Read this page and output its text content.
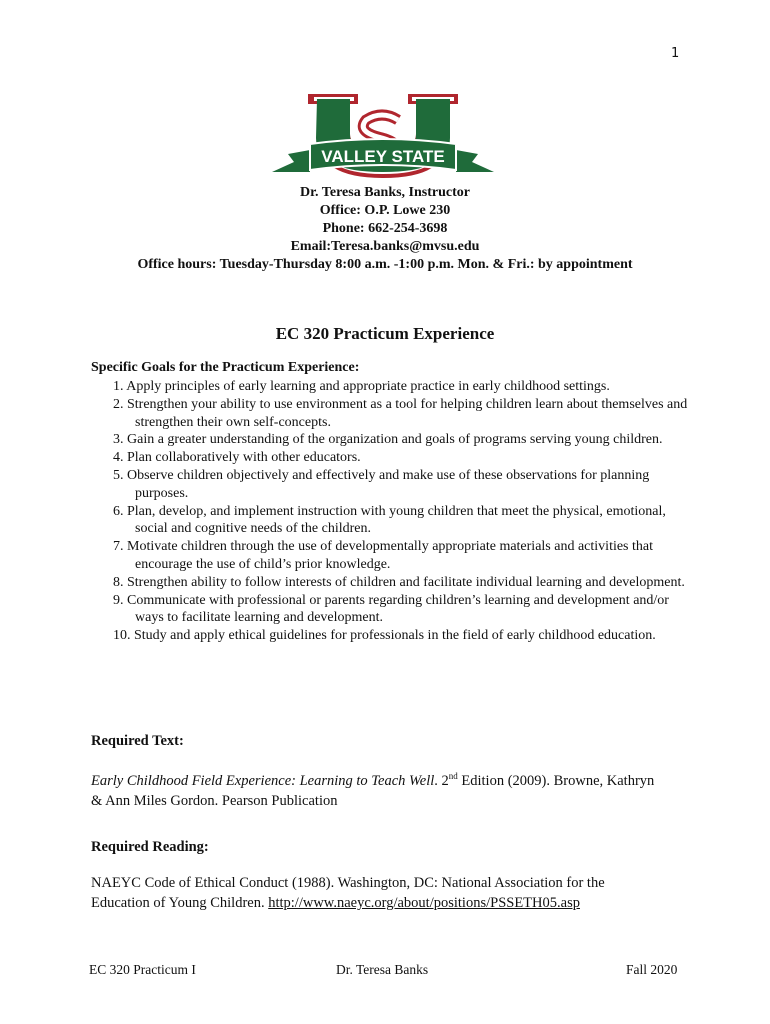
1
VALLEY STATE
Dr. Teresa Banks, Instructor
Office: O.P. Lowe 230
Phone: 662-254-3698
Email:Teresa.banks@mvsu.edu
Office hours: Tuesday-Thursday 8:00 a.m. -1:00 p.m. Mon. & Fri.: by appointment
EC 320 Practicum Experience
Specific Goals for the Practicum Experience:
1. Apply principles of early learning and appropriate practice in early childhood settings.
2. Strengthen your ability to use environment as a tool for helping children learn about themselves and strengthen their own self-concepts.
3. Gain a greater understanding of the organization and goals of programs serving young children.
4. Plan collaboratively with other educators.
5. Observe children objectively and effectively and make use of these observations for planning purposes.
6. Plan, develop, and implement instruction with young children that meet the physical, emotional, social and cognitive needs of the children.
7. Motivate children through the use of developmentally appropriate materials and activities that encourage the use of child’s prior knowledge.
8. Strengthen ability to follow interests of children and facilitate individual learning and development.
9. Communicate with professional or parents regarding children’s learning and development and/or ways to facilitate learning and development.
10. Study and apply ethical guidelines for professionals in the field of early childhood education.
Required Text:
Early Childhood Field Experience: Learning to Teach Well. 2nd Edition (2009). Browne, Kathryn
& Ann Miles Gordon. Pearson Publication
Required Reading:
NAEYC Code of Ethical Conduct (1988). Washington, DC: National Association for the
Education of Young Children. http://www.naeyc.org/about/positions/PSSETH05.asp
EC 320 Practicum I	Dr. Teresa Banks	Fall 2020
